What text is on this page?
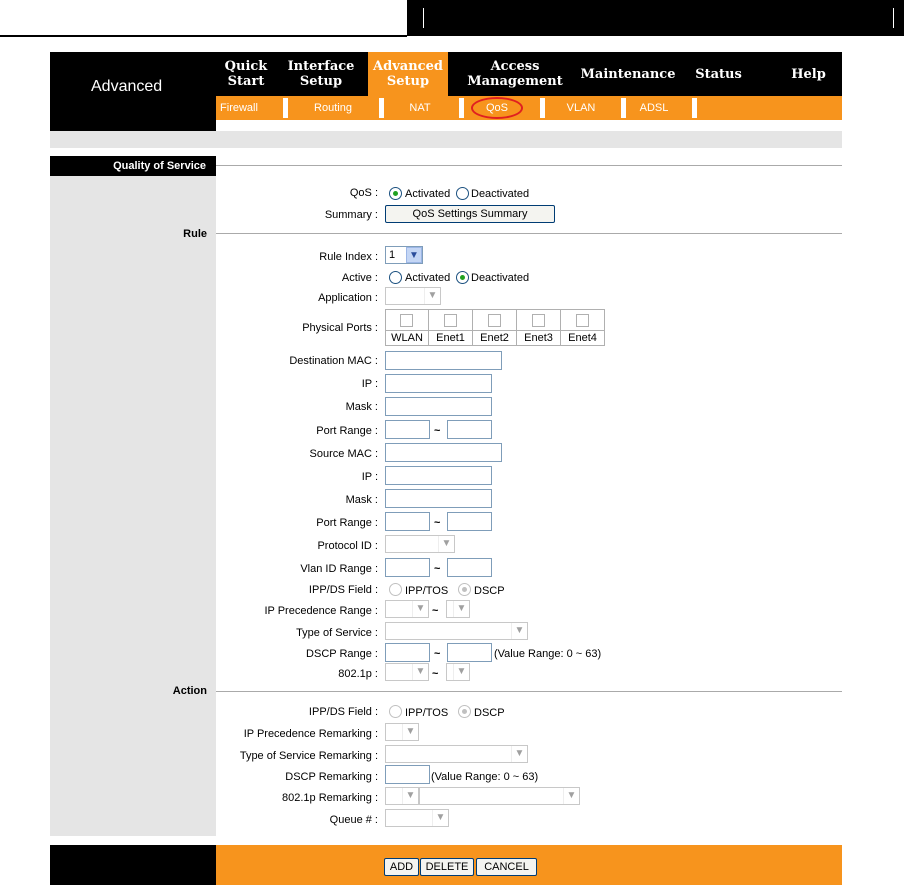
Advanced
Quick
Start
Interface
Setup
Advanced
Setup
Access
Management	Maintenance	Status	Help
Firewall	Routing	NAT	QoS	VLAN	ADSL
Quality of Service
QoS : Activated Deactivated
Summary :	QoS Settings Summary
Rule
Rule Index : 1	▼
Active : Activated Deactivated
Application :	▼
Physical Ports :
WLAN	Enet1	Enet2	Enet3	Enet4
Destination MAC :
IP :
Mask :
Port Range :	~
Source MAC :
IP :
Mask :
Port Range :	~
Protocol ID :	▼
Vlan ID Range :	~
IPP/DS Field : IPP/TOS DSCP
IP Precedence Range :	▼ ~	▼
Type of Service :	▼
DSCP Range :	~	(Value Range: 0 ~ 63)
802.1p :	▼ ~	▼
Action
IPP/DS Field : IPP/TOS DSCP
IP Precedence Remarking :	▼
Type of Service Remarking :	▼
DSCP Remarking :	(Value Range: 0 ~ 63)
802.1p Remarking :	▼	▼
Queue # :	▼
ADD	DELETE	CANCEL
